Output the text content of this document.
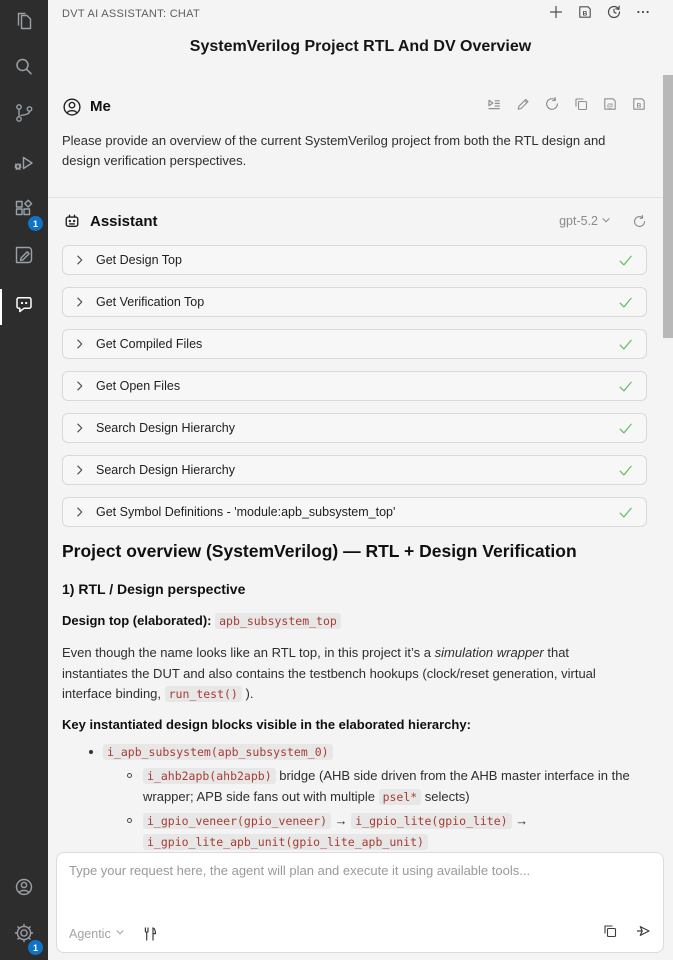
1
1
DVT AI ASSISTANT: CHAT	B
SystemVerilog Project RTL And DV Overview
Me	@	B
Please provide an overview of the current SystemVerilog project from both the RTL design and design verification perspectives.
Assistant	gpt-5.2
Get Design Top
Get Verification Top
Get Compiled Files
Get Open Files
Search Design Hierarchy
Search Design Hierarchy
Get Symbol Definitions - 'module:apb_subsystem_top'
Project overview (SystemVerilog) — RTL + Design Verification
1) RTL / Design perspective
Design top (elaborated): apb_subsystem_top
Even though the name looks like an RTL top, in this project it’s a simulation wrapper that instantiates the DUT and also contains the testbench hookups (clock/reset generation, virtual interface binding, run_test() ).
Key instantiated design blocks visible in the elaborated hierarchy:
i_apb_subsystem(apb_subsystem_0)
i_ahb2apb(ahb2apb) bridge (AHB side driven from the AHB master interface in the wrapper; APB side fans out with multiple psel* selects)
i_gpio_veneer(gpio_veneer) → i_gpio_lite(gpio_lite) → i_gpio_lite_apb_unit(gpio_lite_apb_unit)
Type your request here, the agent will plan and execute it using available tools...
Agentic
